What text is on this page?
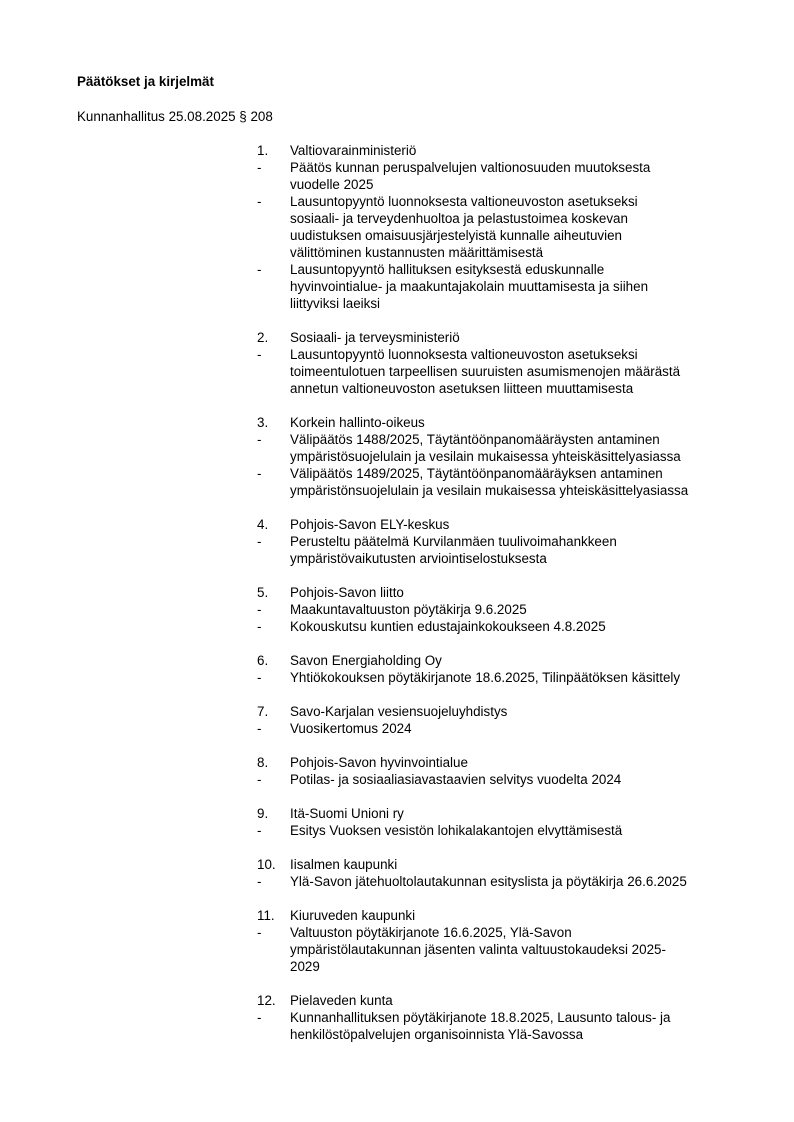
Päätökset ja kirjelmät

Kunnanhallitus 25.08.2025 § 208

1.	Valtiovarainministeriö
-	Päätös kunnan peruspalvelujen valtionosuuden muutoksesta
vuodelle 2025
-	Lausuntopyyntö luonnoksesta valtioneuvoston asetukseksi
sosiaali- ja terveydenhuoltoa ja pelastustoimea koskevan
uudistuksen omaisuusjärjestelyistä kunnalle aiheutuvien
välittöminen kustannusten määrittämisestä
-	Lausuntopyyntö hallituksen esityksestä eduskunnalle
hyvinvointialue- ja maakuntajakolain muuttamisesta ja siihen
liittyviksi laeiksi
2.	Sosiaali- ja terveysministeriö
-	Lausuntopyyntö luonnoksesta valtioneuvoston asetukseksi
toimeentulotuen tarpeellisen suuruisten asumismenojen määrästä
annetun valtioneuvoston asetuksen liitteen muuttamisesta
3.	Korkein hallinto-oikeus
-	Välipäätös 1488/2025, Täytäntöönpanomääräysten antaminen
ympäristösuojelulain ja vesilain mukaisessa yhteiskäsittelyasiassa
-	Välipäätös 1489/2025, Täytäntöönpanomääräyksen antaminen
ympäristönsuojelulain ja vesilain mukaisessa yhteiskäsittelyasiassa
4.	Pohjois-Savon ELY-keskus
-	Perusteltu päätelmä Kurvilanmäen tuulivoimahankkeen
ympäristövaikutusten arviointiselostuksesta
5.	Pohjois-Savon liitto
-	Maakuntavaltuuston pöytäkirja 9.6.2025
-	Kokouskutsu kuntien edustajainkokoukseen 4.8.2025
6.	Savon Energiaholding Oy
-	Yhtiökokouksen pöytäkirjanote 18.6.2025, Tilinpäätöksen käsittely
7.	Savo-Karjalan vesiensuojeluyhdistys
-	Vuosikertomus 2024
8.	Pohjois-Savon hyvinvointialue
-	Potilas- ja sosiaaliasiavastaavien selvitys vuodelta 2024
9.	Itä-Suomi Unioni ry
-	Esitys Vuoksen vesistön lohikalakantojen elvyttämisestä
10.	Iisalmen kaupunki
-	Ylä-Savon jätehuoltolautakunnan esityslista ja pöytäkirja 26.6.2025
11.	Kiuruveden kaupunki
-	Valtuuston pöytäkirjanote 16.6.2025, Ylä-Savon
ympäristölautakunnan jäsenten valinta valtuustokaudeksi 2025-
2029
12.	Pielaveden kunta
-	Kunnanhallituksen pöytäkirjanote 18.8.2025, Lausunto talous- ja
henkilöstöpalvelujen organisoinnista Ylä-Savossa
